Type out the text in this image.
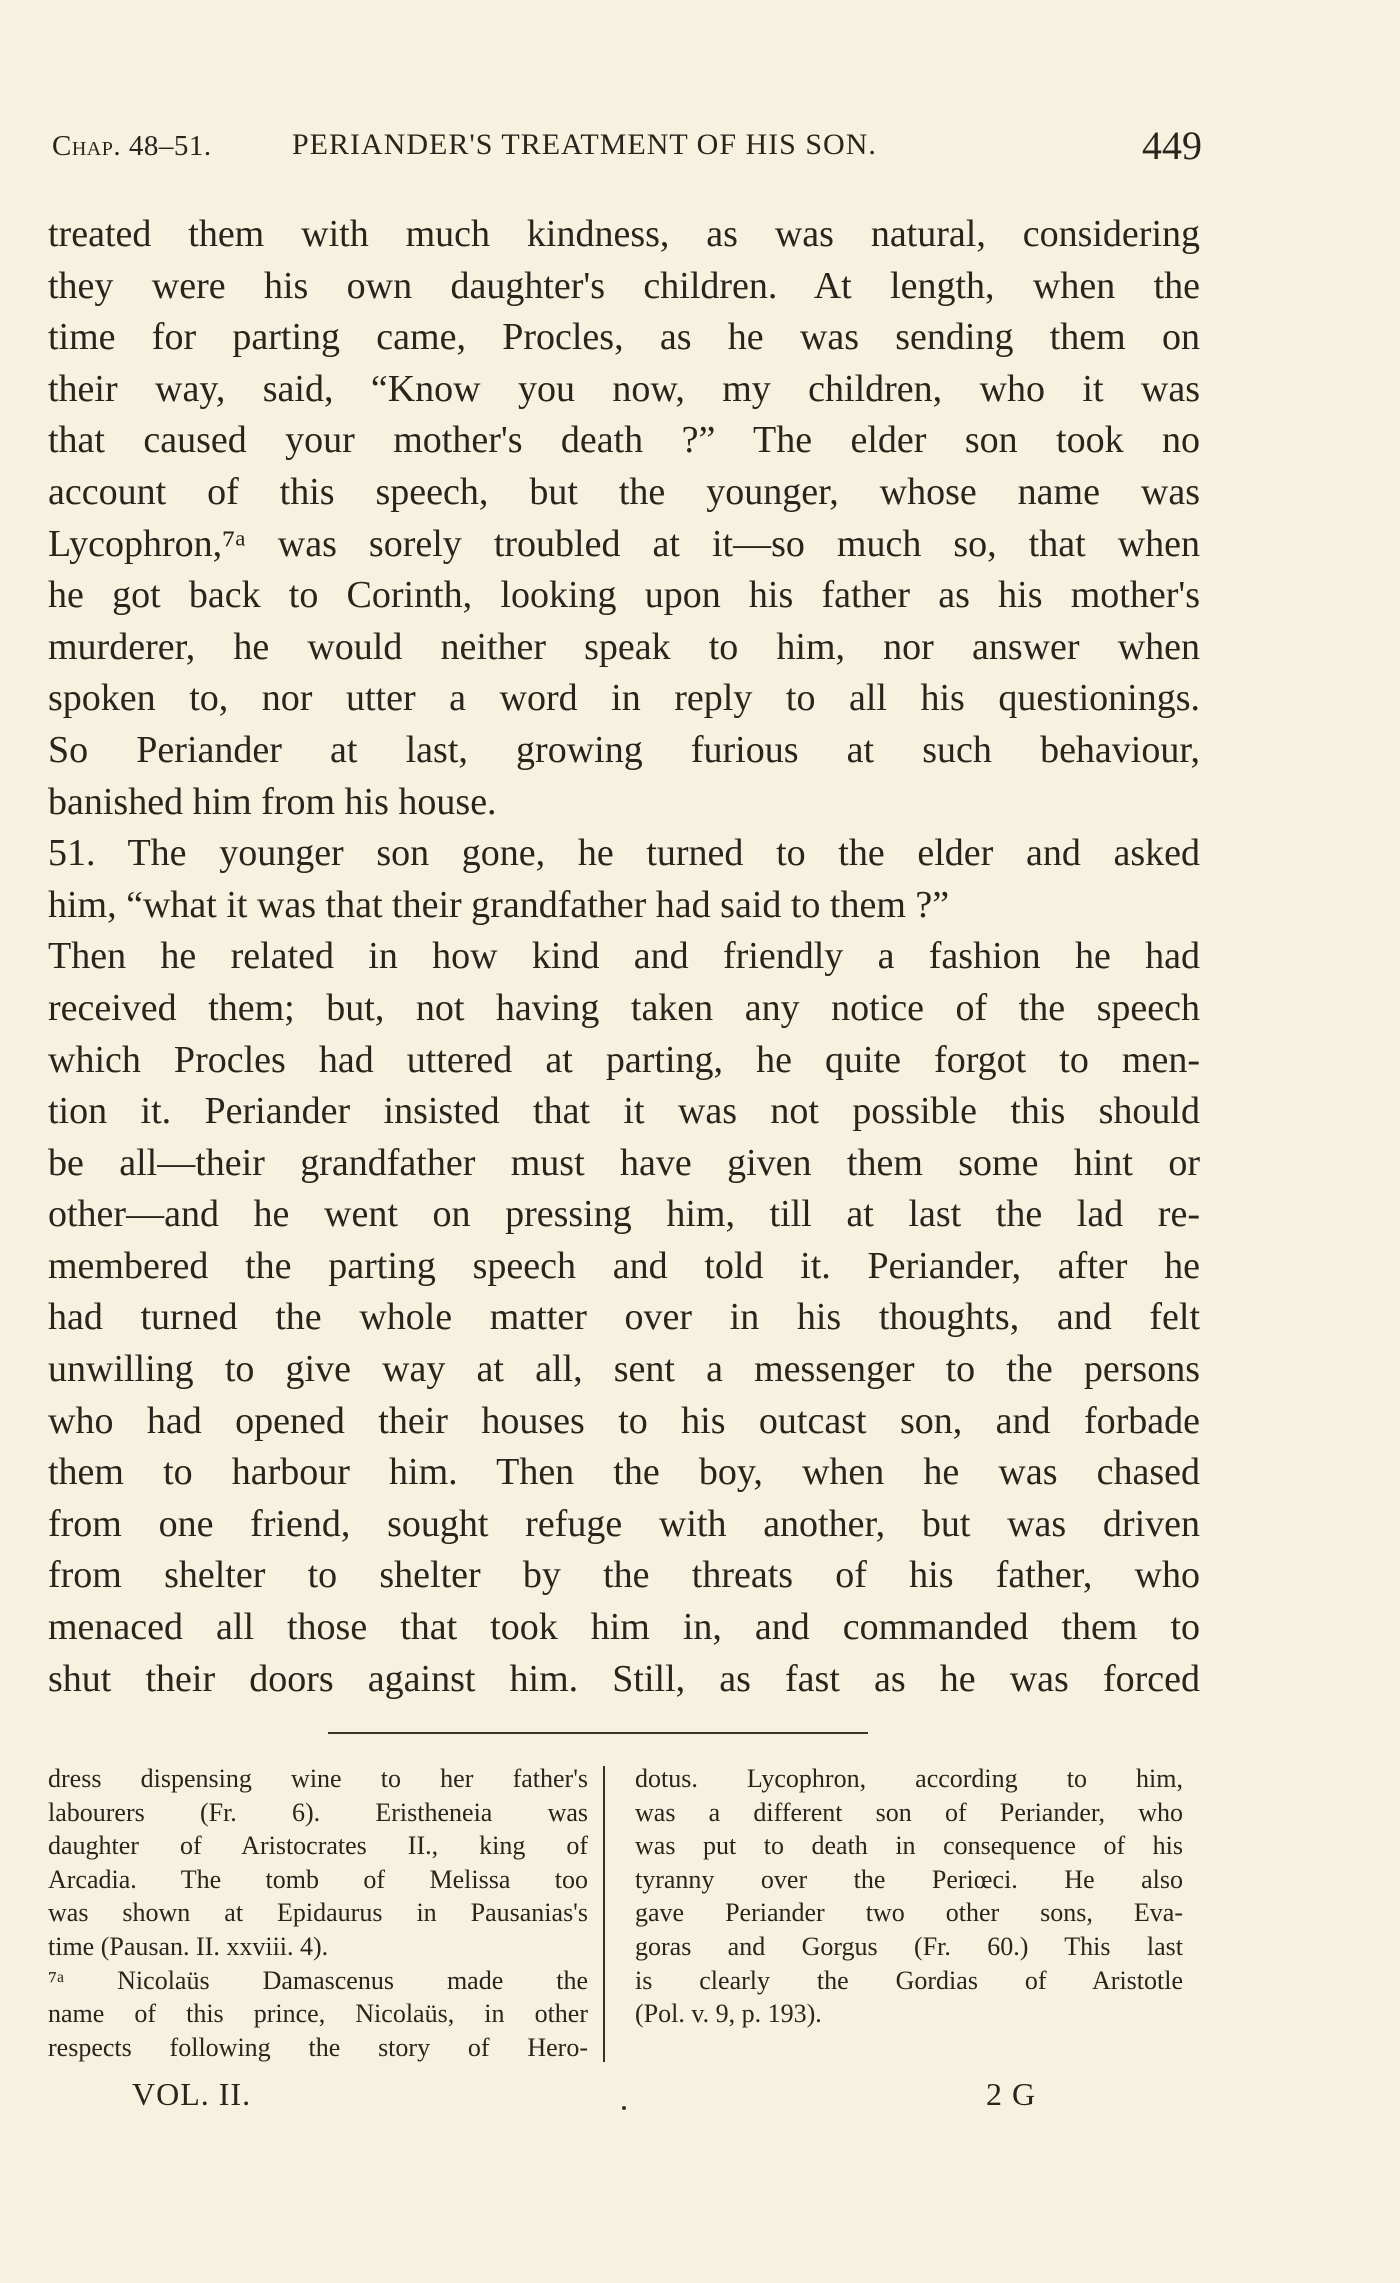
Chap. 48–51.	PERIANDER'S TREATMENT OF HIS SON.	449
treated them with much kindness, as was natural, considering
they were his own daughter's children. At length, when the
time for parting came, Procles, as he was sending them on
their way, said, “Know you now, my children, who it was
that caused your mother's death ?” The elder son took no
account of this speech, but the younger, whose name was
Lycophron,⁷ᵃ was sorely troubled at it—so much so, that when
he got back to Corinth, looking upon his father as his mother's
murderer, he would neither speak to him, nor answer when
spoken to, nor utter a word in reply to all his questionings.
So Periander at last, growing furious at such behaviour,
banished him from his house.
51. The younger son gone, he turned to the elder and asked
him, “what it was that their grandfather had said to them ?”
Then he related in how kind and friendly a fashion he had
received them; but, not having taken any notice of the speech
which Procles had uttered at parting, he quite forgot to men-
tion it. Periander insisted that it was not possible this should
be all—their grandfather must have given them some hint or
other—and he went on pressing him, till at last the lad re-
membered the parting speech and told it. Periander, after he
had turned the whole matter over in his thoughts, and felt
unwilling to give way at all, sent a messenger to the persons
who had opened their houses to his outcast son, and forbade
them to harbour him. Then the boy, when he was chased
from one friend, sought refuge with another, but was driven
from shelter to shelter by the threats of his father, who
menaced all those that took him in, and commanded them to
shut their doors against him. Still, as fast as he was forced
dress dispensing wine to her father's
labourers (Fr. 6). Eristheneia was
daughter of Aristocrates II., king of
Arcadia. The tomb of Melissa too
was shown at Epidaurus in Pausanias's
time (Pausan. II. xxviii. 4).
⁷ᵃ Nicolaüs Damascenus made the
name of this prince, Nicolaüs, in other
respects following the story of Hero-
dotus. Lycophron, according to him,
was a different son of Periander, who
was put to death in consequence of his
tyranny over the Periœci. He also
gave Periander two other sons, Eva-
goras and Gorgus (Fr. 60.) This last
is clearly the Gordias of Aristotle
(Pol. v. 9, p. 193).
VOL. II.	2 G
